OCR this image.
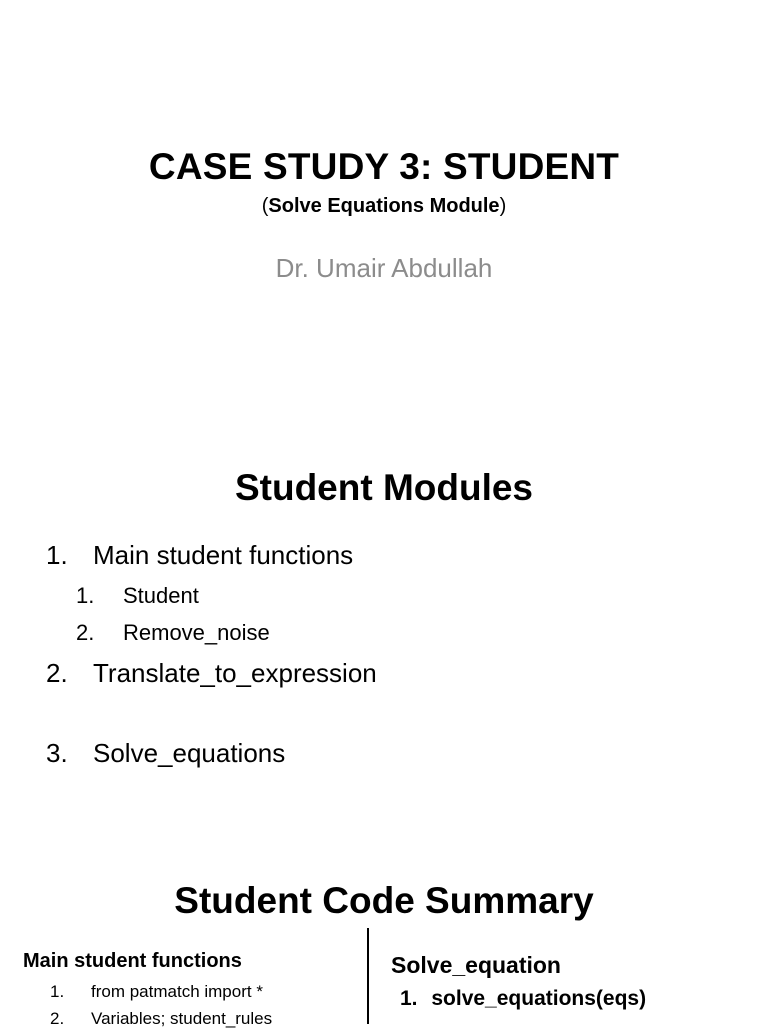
CASE STUDY 3: STUDENT
(Solve Equations Module)
Dr. Umair Abdullah
Student Modules
1. Main student functions
1. Student
2. Remove_noise
2. Translate_to_expression
3. Solve_equations
Student Code Summary
Main student functions
1. from patmatch import *
2. Variables; student_rules
Solve_equation
1. solve_equations(eqs)
